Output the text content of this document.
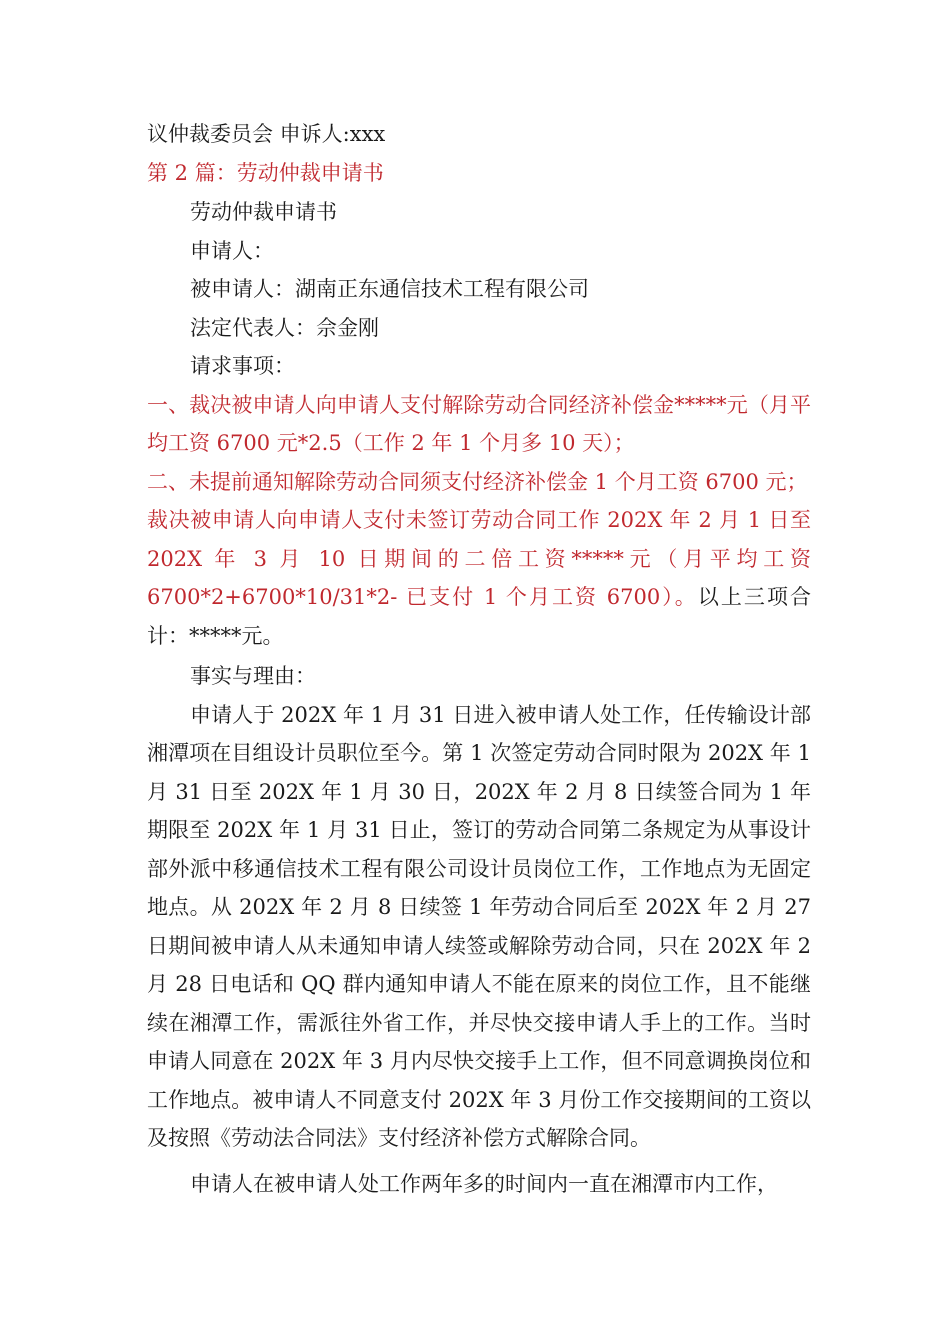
议仲裁委员会 申诉人:xxx

第 2 篇：劳动仲裁申请书

劳动仲裁申请书

申请人：

被申请人：湖南正东通信技术工程有限公司

法定代表人：佘金刚

请求事项：

一、裁决被申请人向申请人支付解除劳动合同经济补偿金*****元（月平均工资 6700 元*2.5（工作 2 年 1 个月多 10 天）；

二、未提前通知解除劳动合同须支付经济补偿金 1 个月工资 6700 元；

裁决被申请人向申请人支付未签订劳动合同工作 202X 年 2 月 1 日至 202X 年 3 月 10 日期间的二倍工资*****元（月平均工资 6700*2+6700*10/31*2- 已支付 1 个月工资 6700）。以上三项合计：*****元。

事实与理由：

申请人于 202X 年 1 月 31 日进入被申请人处工作，任传输设计部湘潭项在目组设计员职位至今。第 1 次签定劳动合同时限为 202X 年 1 月 31 日至 202X 年 1 月 30 日，202X 年 2 月 8 日续签合同为 1 年期限至 202X 年 1 月 31 日止，签订的劳动合同第二条规定为从事设计部外派中移通信技术工程有限公司设计员岗位工作，工作地点为无固定地点。从 202X 年 2 月 8 日续签 1 年劳动合同后至 202X 年 2 月 27 日期间被申请人从未通知申请人续签或解除劳动合同，只在 202X 年 2 月 28 日电话和 QQ 群内通知申请人不能在原来的岗位工作，且不能继续在湘潭工作，需派往外省工作，并尽快交接申请人手上的工作。当时申请人同意在 202X 年 3 月内尽快交接手上工作，但不同意调换岗位和工作地点。被申请人不同意支付 202X 年 3 月份工作交接期间的工资以及按照《劳动法合同法》支付经济补偿方式解除合同。

申请人在被申请人处工作两年多的时间内一直在湘潭市内工作，
